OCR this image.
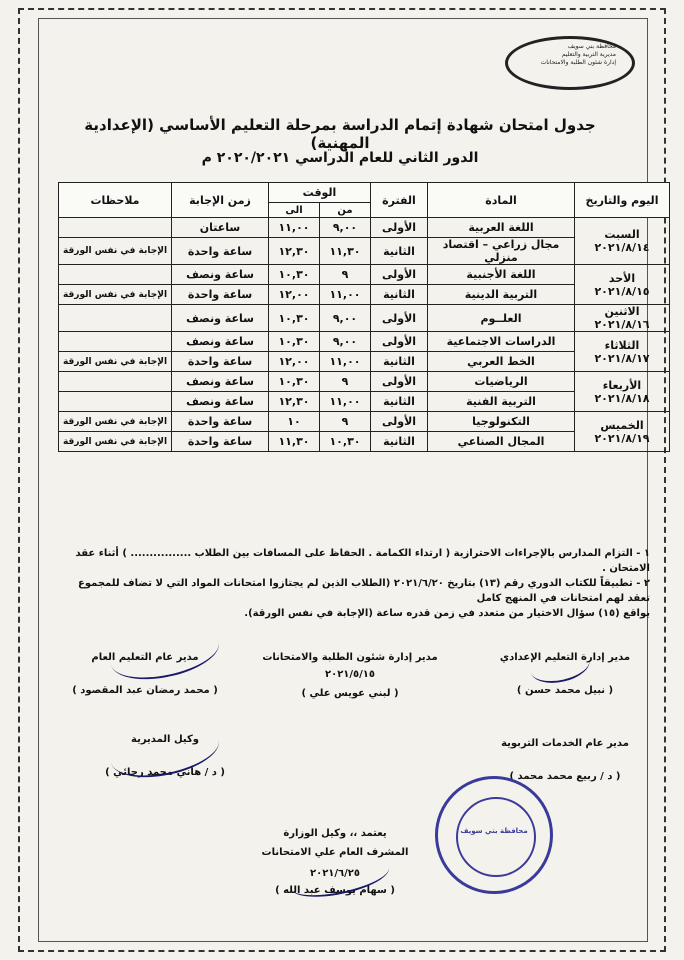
محافظة بني سويف
مديرية التربية والتعليم
إدارة شئون الطلبة والامتحانات
جدول امتحان شهادة إتمام الدراسة بمرحلة التعليم الأساسي (الإعدادية المهنية)
الدور الثاني للعام الدراسي ٢٠٢٠/٢٠٢١ م
اليوم والتاريخ	المادة	الفترة	الوقت		زمن الإجابة	ملاحظات
			من	الى		

السبت
٢٠٢١/٨/١٤	اللغة العربية	الأولى	٩,٠٠	١١,٠٠	ساعتان	
	مجال زراعي – اقتصاد منزلي	الثانية	١١,٣٠	١٢,٣٠	ساعة واحدة	الإجابة في نفس الورقة

الأحد
٢٠٢١/٨/١٥	اللغة الأجنبية	الأولى	٩	١٠,٣٠	ساعة ونصف	
	التربية الدينية	الثانية	١١,٠٠	١٢,٠٠	ساعة واحدة	الإجابة في نفس الورقة

الاثنين
٢٠٢١/٨/١٦	العلــوم	الأولى	٩,٠٠	١٠,٣٠	ساعة ونصف	

الثلاثاء
٢٠٢١/٨/١٧	الدراسات الاجتماعية	الأولى	٩,٠٠	١٠,٣٠	ساعة ونصف	
	الخط العربي	الثانية	١١,٠٠	١٢,٠٠	ساعة واحدة	الإجابة في نفس الورقة

الأربعاء
٢٠٢١/٨/١٨	الرياضيات	الأولى	٩	١٠,٣٠	ساعة ونصف	
	التربية الفنية	الثانية	١١,٠٠	١٢,٣٠	ساعة ونصف	

الخميس
٢٠٢١/٨/١٩	التكنولوجيا	الأولى	٩	١٠	ساعة واحدة	الإجابة في نفس الورقة
	المجال الصناعي	الثانية	١٠,٣٠	١١,٣٠	ساعة واحدة	الإجابة في نفس الورقة
١ - التزام المدارس بالإجراءات الاحترازية ( ارتداء الكمامة . الحفاظ على المسافات بين الطلاب ................ ) أثناء عقد الامتحان .
٢ - تطبيقاً للكتاب الدوري رقم (١٣) بتاريخ ٢٠٢١/٦/٢٠ (الطلاب الذين لم يجتازوا امتحانات المواد التي لا تضاف للمجموع تعقد لهم امتحانات في المنهج كامل
بواقع (١٥) سؤال الاختيار من متعدد في زمن قدره ساعة (الإجابة في نفس الورقة).
مدير إدارة التعليم الإعدادي
( نبيل محمد حسن )
مدير إدارة شئون الطلبة والامتحانات
٢٠٢١/٥/١٥
( لبني عويس علي )
مدير عام التعليم العام
( محمد رمضان عبد المقصود )
مدير عام الخدمات التربوية
( د / ربيع محمد محمد )
وكيل المديرية
( د / هاني محمد رجائي )
يعتمد ،، وكيل الوزارة
المشرف العام علي الامتحانات
٢٠٢١/٦/٢٥
( سهام يوسف عبد الله )
محافظة بني سويف
